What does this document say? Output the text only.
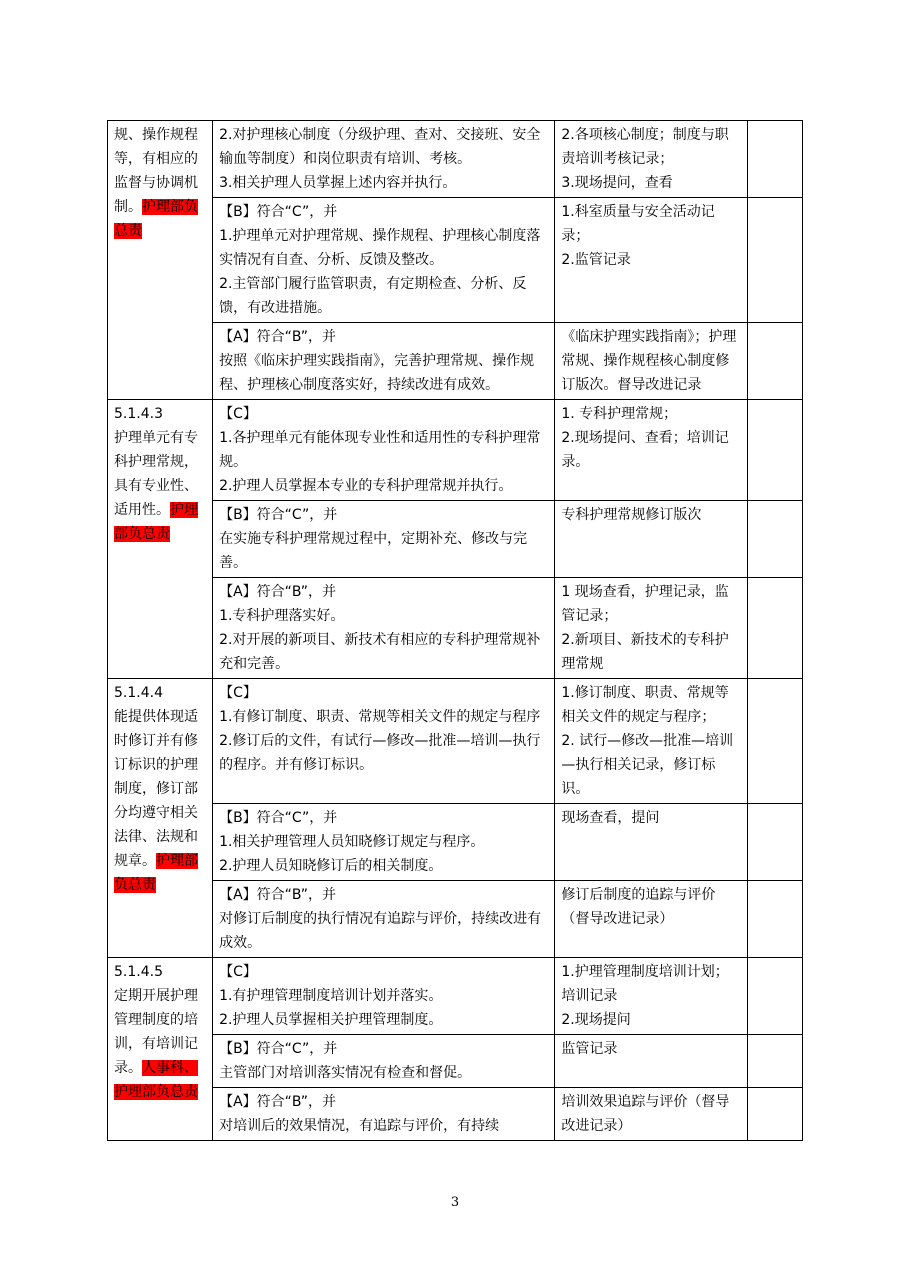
规、操作规程等，有相应的监督与协调机制。护理部负总责	2.对护理核心制度（分级护理、查对、交接班、安全输血等制度）和岗位职责有培训、考核。
3.相关护理人员掌握上述内容并执行。	2.各项核心制度；制度与职责培训考核记录；
3.现场提问，查看	

	【B】符合“C”，并
1.护理单元对护理常规、操作规程、护理核心制度落实情况有自查、分析、反馈及整改。
2.主管部门履行监管职责，有定期检查、分析、反馈，有改进措施。	1.科室质量与安全活动记录；
2.监管记录	

	【A】符合“B”，并
按照《临床护理实践指南》，完善护理常规、操作规程、护理核心制度落实好，持续改进有成效。	《临床护理实践指南》；护理常规、操作规程核心制度修订版次。督导改进记录	

5.1.4.3
护理单元有专科护理常规，具有专业性、适用性。护理部负总责	【C】
1.各护理单元有能体现专业性和适用性的专科护理常规。
2.护理人员掌握本专业的专科护理常规并执行。	1. 专科护理常规；
2.现场提问、查看；培训记录。	

	【B】符合“C”，并
在实施专科护理常规过程中，定期补充、修改与完善。	专科护理常规修订版次	

	【A】符合“B”，并
1.专科护理落实好。
2.对开展的新项目、新技术有相应的专科护理常规补充和完善。	1 现场查看，护理记录，监管记录；
2.新项目、新技术的专科护理常规	

5.1.4.4
能提供体现适时修订并有修订标识的护理制度，修订部分均遵守相关法律、法规和规章。护理部负总责	【C】
1.有修订制度、职责、常规等相关文件的规定与程序
2.修订后的文件，有试行—修改—批准—培训—执行的程序。并有修订标识。	1.修订制度、职责、常规等相关文件的规定与程序；
2. 试行—修改—批准—培训—执行相关记录，修订标识。	

	【B】符合“C”，并
1.相关护理管理人员知晓修订规定与程序。
2.护理人员知晓修订后的相关制度。	现场查看，提问	

	【A】符合“B”，并
对修订后制度的执行情况有追踪与评价，持续改进有成效。	修订后制度的追踪与评价（督导改进记录）	

5.1.4.5
定期开展护理管理制度的培训，有培训记录。人事科、护理部负总责	【C】
1.有护理管理制度培训计划并落实。
2.护理人员掌握相关护理管理制度。	1.护理管理制度培训计划；培训记录
2.现场提问	

	【B】符合“C”，并
主管部门对培训落实情况有检查和督促。	监管记录	

	【A】符合“B”，并
对培训后的效果情况，有追踪与评价，有持续	培训效果追踪与评价（督导改进记录）	

3
